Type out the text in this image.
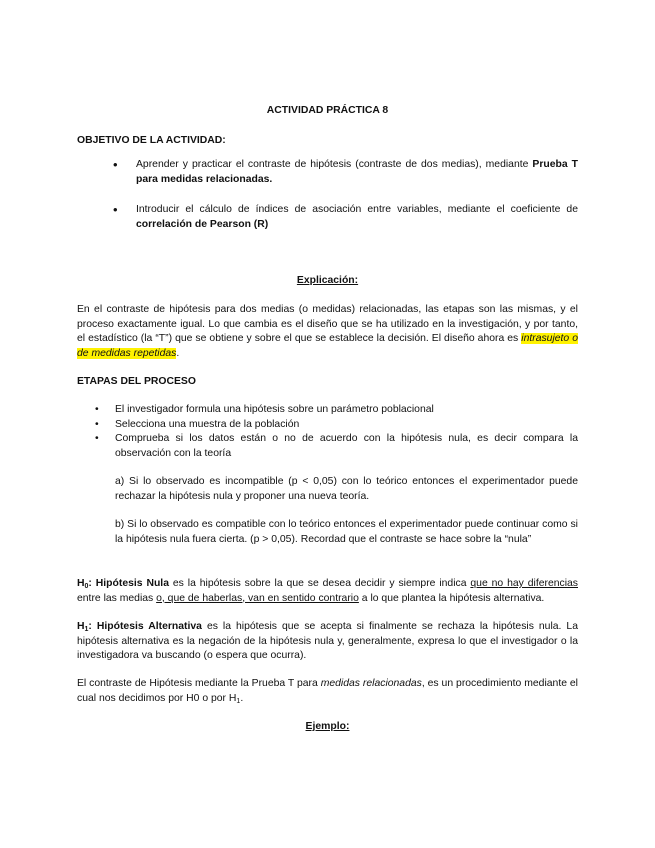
ACTIVIDAD PRÁCTICA 8
OBJETIVO DE LA ACTIVIDAD:
•	Aprender y practicar el contraste de hipótesis (contraste de dos medias), mediante Prueba T para medidas relacionadas.
•	Introducir el cálculo de índices de asociación entre variables, mediante el coeficiente de correlación de Pearson (R)
Explicación:
En el contraste de hipótesis para dos medias (o medidas) relacionadas, las etapas son las mismas, y el proceso exactamente igual. Lo que cambia es el diseño que se ha utilizado en la investigación, y por tanto, el estadístico (la “T”) que se obtiene y sobre el que se establece la decisión. El diseño ahora es intrasujeto o de medidas repetidas.
ETAPAS DEL PROCESO
•	El investigador formula una hipótesis sobre un parámetro poblacional
•	Selecciona una muestra de la población
•	Comprueba si los datos están o no de acuerdo con la hipótesis nula, es decir compara la observación con la teoría
a) Si lo observado es incompatible (p < 0,05) con lo teórico entonces el experimentador puede rechazar la hipótesis nula y proponer una nueva teoría.
b) Si lo observado es compatible con lo teórico entonces el experimentador puede continuar como si la hipótesis nula fuera cierta. (p > 0,05). Recordad que el contraste se hace sobre la “nula”
$H_0$: Hipótesis Nula es la hipótesis sobre la que se desea decidir y siempre indica que no hay diferencias entre las medias o, que de haberlas, van en sentido contrario a lo que plantea la hipótesis alternativa.
$H_1$: Hipótesis Alternativa es la hipótesis que se acepta si finalmente se rechaza la hipótesis nula. La hipótesis alternativa es la negación de la hipótesis nula y, generalmente, expresa lo que el investigador o la investigadora va buscando (o espera que ocurra).
El contraste de Hipótesis mediante la Prueba T para medidas relacionadas, es un procedimiento mediante el cual nos decidimos por H0 o por $H_1$.
Ejemplo:
